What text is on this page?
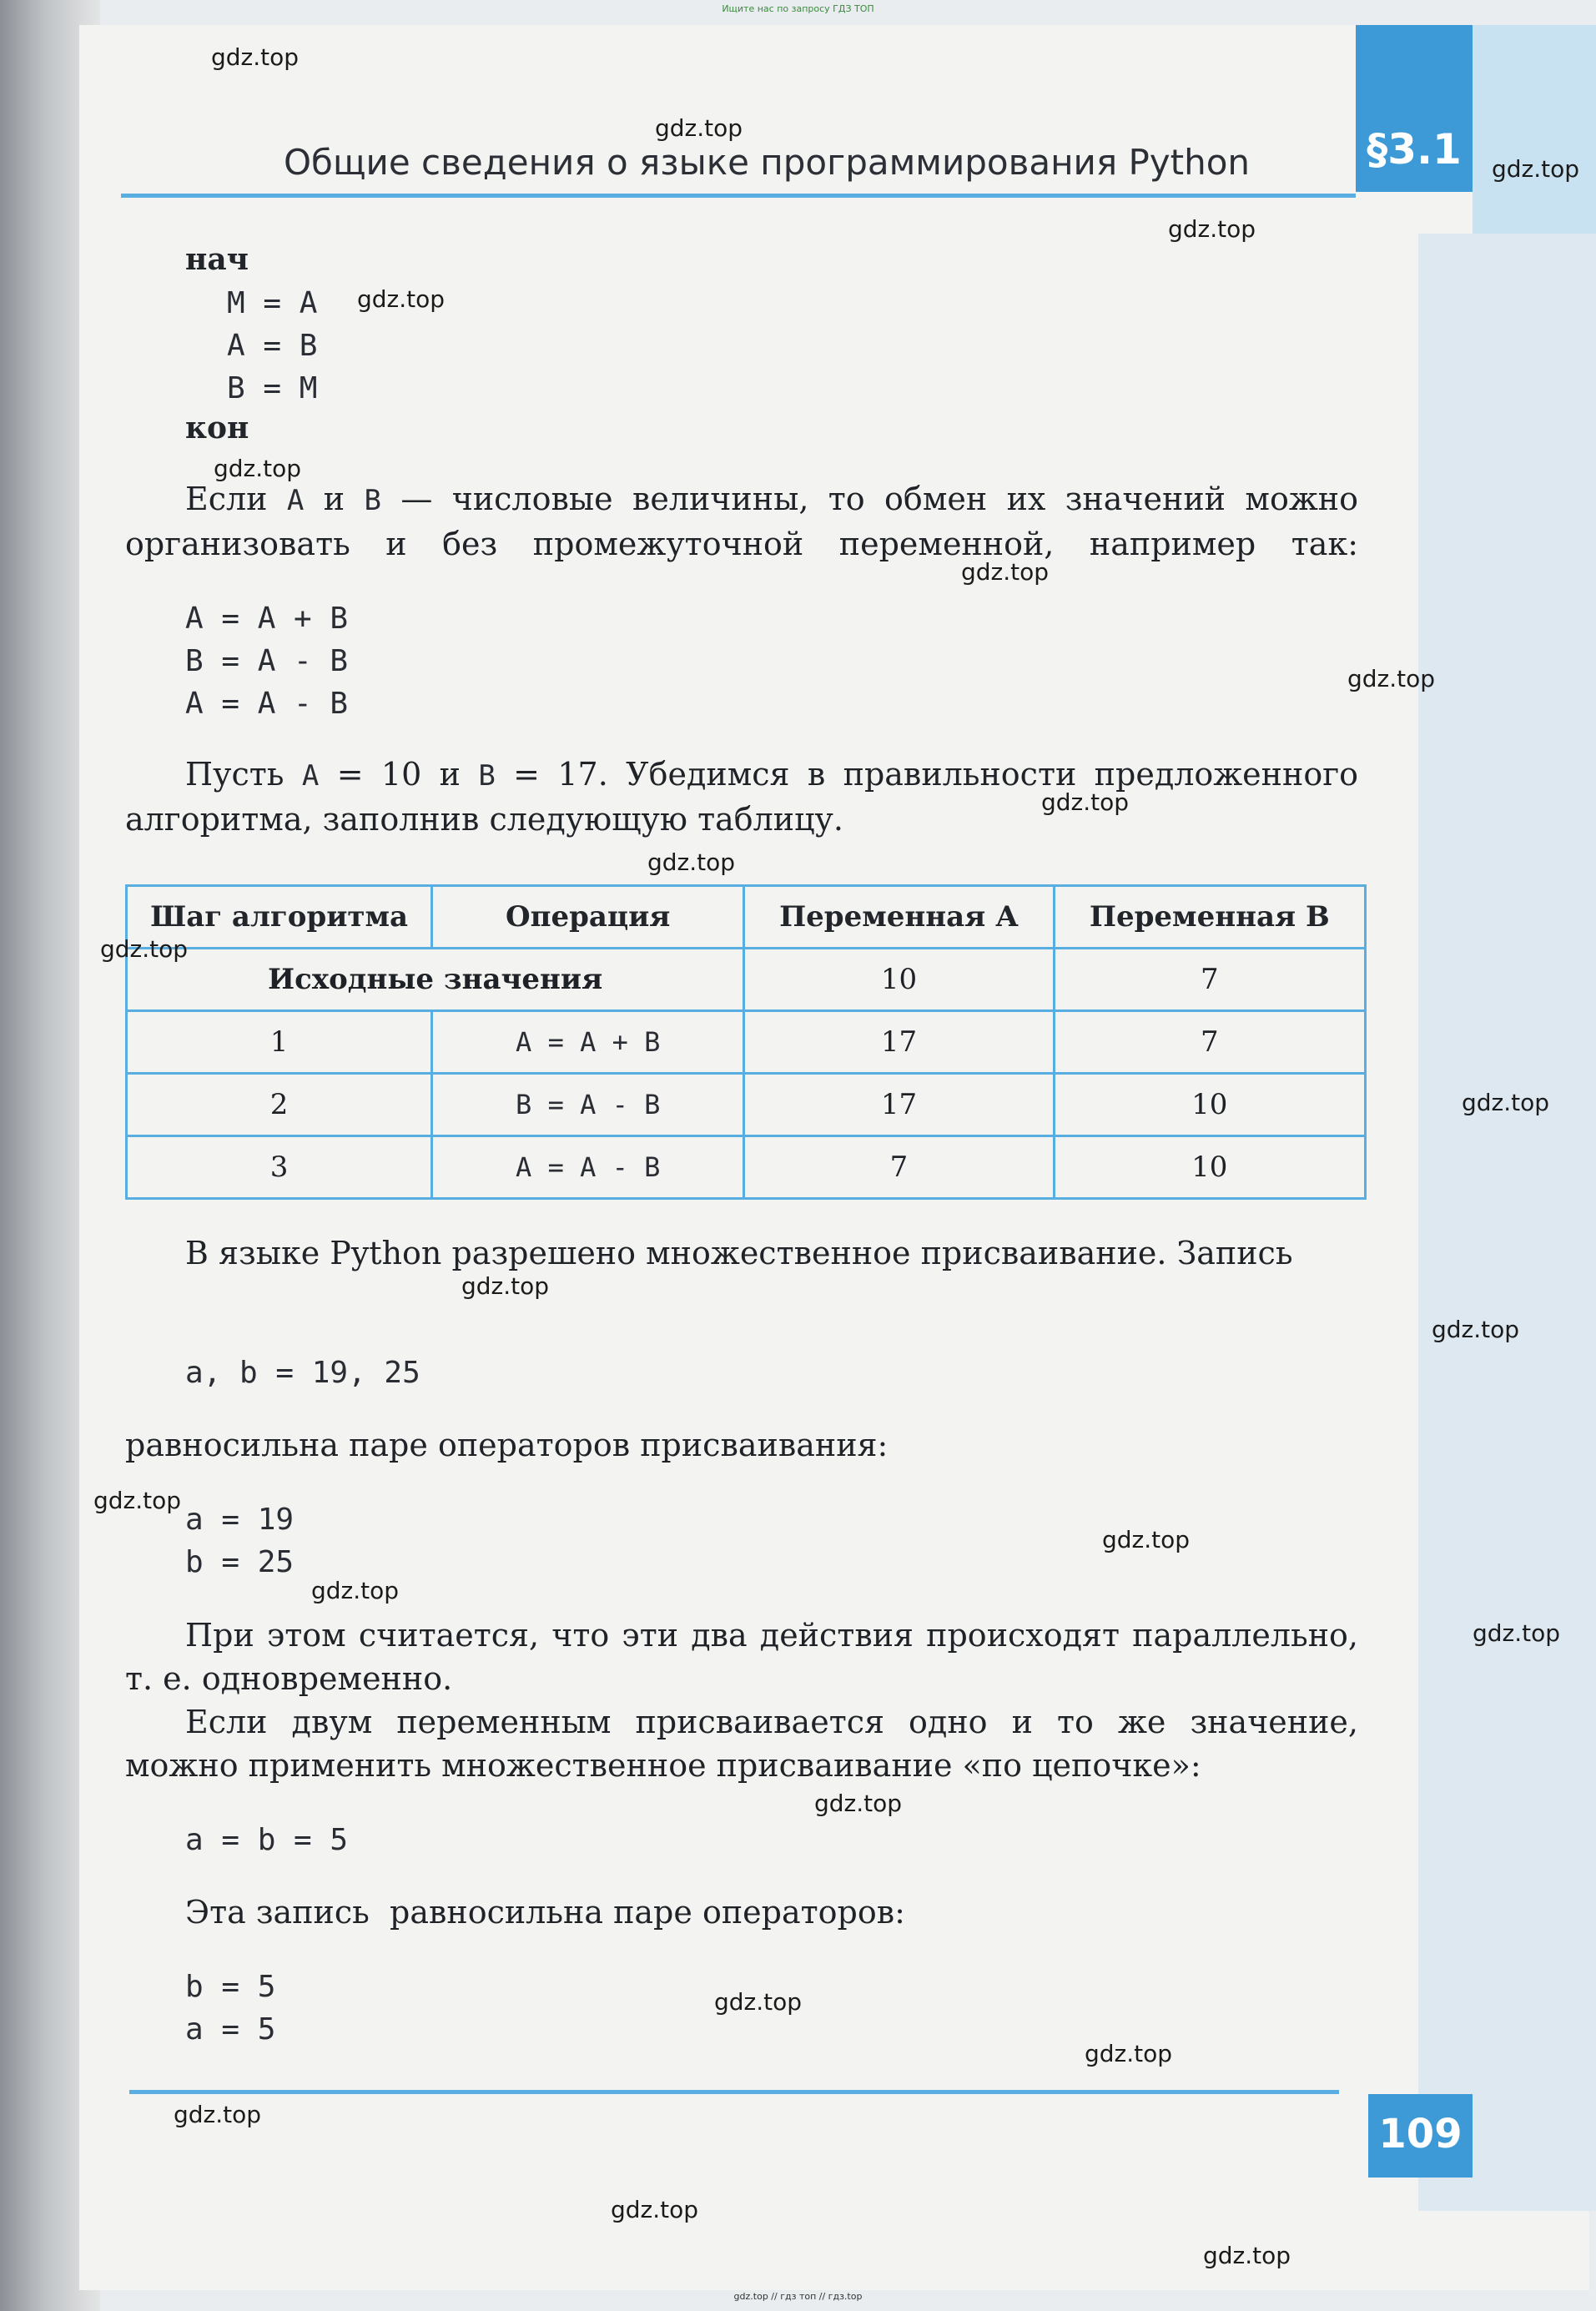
Ищите нас по запросу ГДЗ ТОП
§3.1
Общие сведения о языке программирования Python
нач
M = A
A = B
B = M
кон
Если A и B — числовые величины, то обмен их значений можно организовать и без промежуточной переменной, например так:
A = A + B
B = A - B
A = A - B
Пусть A = 10 и B = 17. Убедимся в правильности предложенного алгоритма, заполнив следующую таблицу.
Шаг алгоритма	Операция	Переменная А	Переменная В
Исходные значения		10	7
1	A = A + B	17	7
2	B = A - B	17	10
3	A = A - B	7	10
В языке Python разрешено множественное присваивание. Запись
a, b = 19, 25
равносильна паре операторов присваивания:
a = 19
b = 25
При этом считается, что эти два действия происходят параллельно, т. е. одновременно.
Если двум переменным присваивается одно и то же значение, можно применить множественное присваивание «по цепочке»:
a = b = 5
Эта запись  равносильна паре операторов:
b = 5
a = 5
109
gdz.top
gdz.top
gdz.top
gdz.top
gdz.top
gdz.top
gdz.top
gdz.top
gdz.top
gdz.top
gdz.top
gdz.top
gdz.top
gdz.top
gdz.top
gdz.top
gdz.top
gdz.top
gdz.top
gdz.top
gdz.top
gdz.top
gdz.top
gdz.top
gdz.top // гдз топ // гдз.top
